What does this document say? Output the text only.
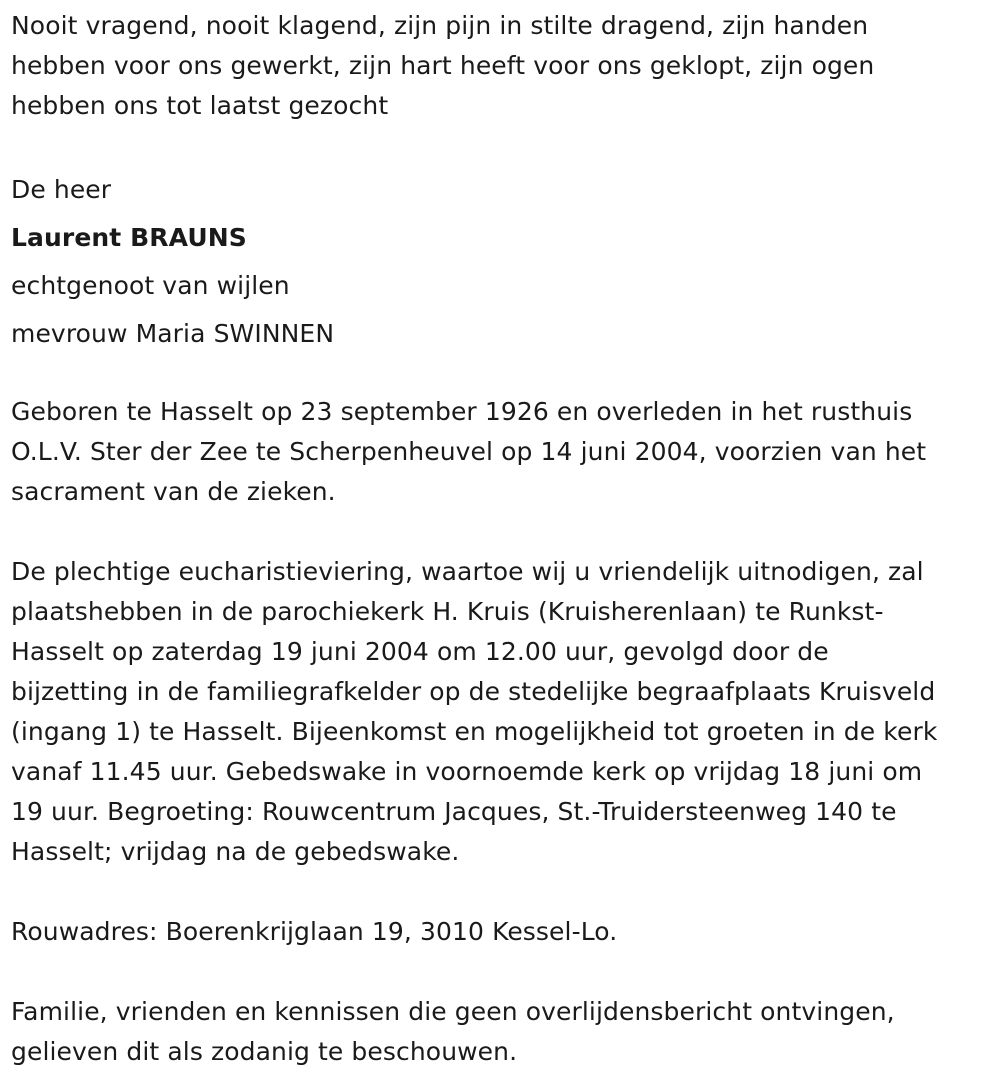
Nooit vragend, nooit klagend, zijn pijn in stilte dragend, zijn handen
hebben voor ons gewerkt, zijn hart heeft voor ons geklopt, zijn ogen
hebben ons tot laatst gezocht

De heer

Laurent BRAUNS

echtgenoot van wijlen

mevrouw Maria SWINNEN

Geboren te Hasselt op 23 september 1926 en overleden in het rusthuis
O.L.V. Ster der Zee te Scherpenheuvel op 14 juni 2004, voorzien van het
sacrament van de zieken.

De plechtige eucharistieviering, waartoe wij u vriendelijk uitnodigen, zal
plaatshebben in de parochiekerk H. Kruis (Kruisherenlaan) te Runkst-
Hasselt op zaterdag 19 juni 2004 om 12.00 uur, gevolgd door de
bijzetting in de familiegrafkelder op de stedelijke begraafplaats Kruisveld
(ingang 1) te Hasselt. Bijeenkomst en mogelijkheid tot groeten in de kerk
vanaf 11.45 uur. Gebedswake in voornoemde kerk op vrijdag 18 juni om
19 uur. Begroeting: Rouwcentrum Jacques, St.-Truidersteenweg 140 te
Hasselt; vrijdag na de gebedswake.

Rouwadres: Boerenkrijglaan 19, 3010 Kessel-Lo.

Familie, vrienden en kennissen die geen overlijdensbericht ontvingen,
gelieven dit als zodanig te beschouwen.
